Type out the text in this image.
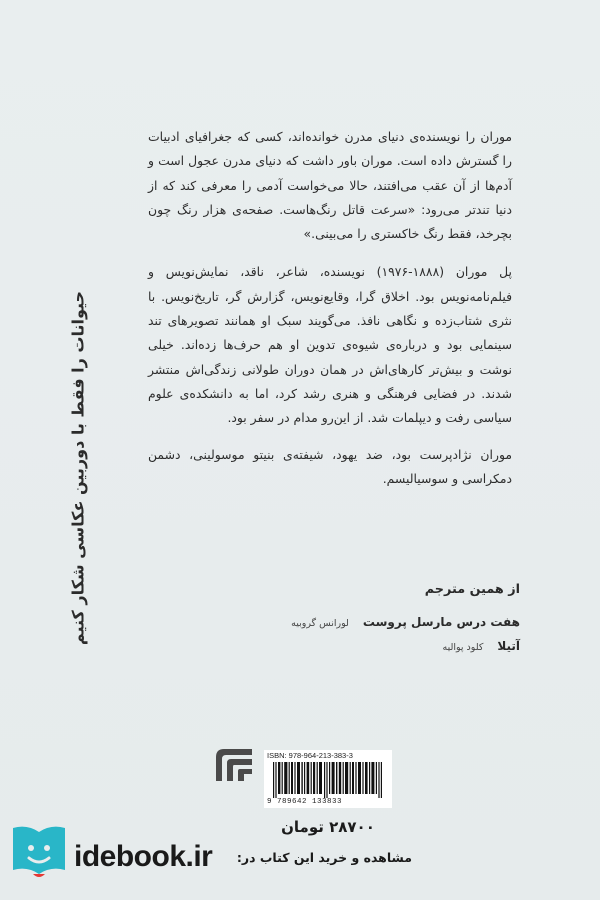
حیوانات را فقط با دوربین عکاسی شکار کنیم

موران را نویسنده‌ی دنیای مدرن خوانده‌اند، کسی که جغرافیای ادبیات را گسترش داده است. موران باور داشت که دنیای مدرن عجول است و آدم‌ها از آن عقب می‌افتند، حالا می‌خواست آدمی را معرفی کند که از دنیا تندتر می‌رود: «سرعت قاتل رنگ‌هاست. صفحه‌ی هزار رنگ چون بچرخد، فقط رنگ خاکستری را می‌بینی.»

پل موران (۱۸۸۸-۱۹۷۶) نویسنده، شاعر، ناقد، نمایش‌نویس و فیلم‌نامه‌نویس بود. اخلاق گرا، وقایع‌نویس، گزارش گر، تاریخ‌نویس. با نثری شتاب‌زده و نگاهی نافذ. می‌گویند سبک او همانند تصویرهای تند سینمایی بود و درباره‌ی شیوه‌ی تدوین او هم حرف‌ها زده‌اند. خیلی نوشت و بیش‌تر کارهای‌اش در همان دوران طولانی زندگی‌اش منتشر شدند. در فضایی فرهنگی و هنری رشد کرد، اما به دانشکده‌ی علوم سیاسی رفت و دیپلمات شد. از این‌رو مدام در سفر بود.

موران نژادپرست بود، ضد یهود، شیفته‌ی بنیتو موسولینی، دشمن دمکراسی و سوسیالیسم.

از همین مترجم
هفت درس مارسل پروست
لورانس گروبیه
آتیلا
کلود پوالیه
ISBN: 978-964-213-383-3
9 789642 133833
۲۸۷۰۰ تومان
idebook.ir مشاهده و خرید این کتاب در:
